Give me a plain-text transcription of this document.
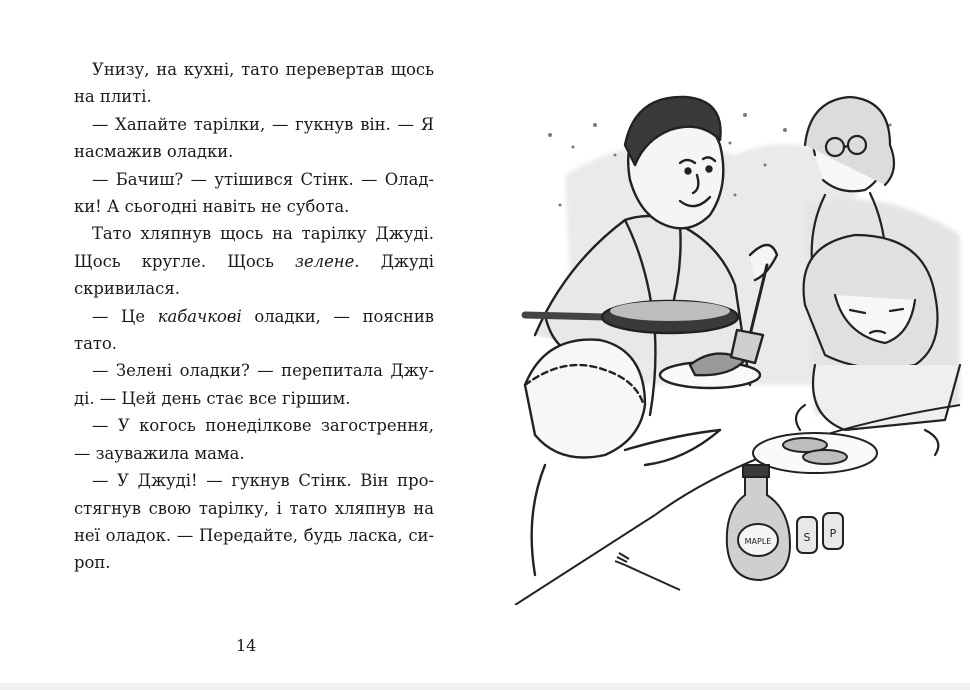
Унизу, на кухні, тато перевертав щось на плиті.

— Хапайте тарілки, — гукнув він. — Я насмажив оладки.

— Бачиш? — утішився Стінк. — Оладки! А сьогодні навіть не субота.

Тато хляпнув щось на тарілку Джуді. Щось кругле. Щось зелене. Джуді скривилася.

— Це кабачкові оладки, — пояснив тато.

— Зелені оладки? — перепитала Джуді. — Цей день стає все гіршим.

— У когось понеділкове загострення, — зауважила мама.

— У Джуді! — гукнув Стінк. Він простягнув свою тарілку, і тато хляпнув на неї оладок. — Передайте, будь ласка, сироп.

14
MAPLE	S P
